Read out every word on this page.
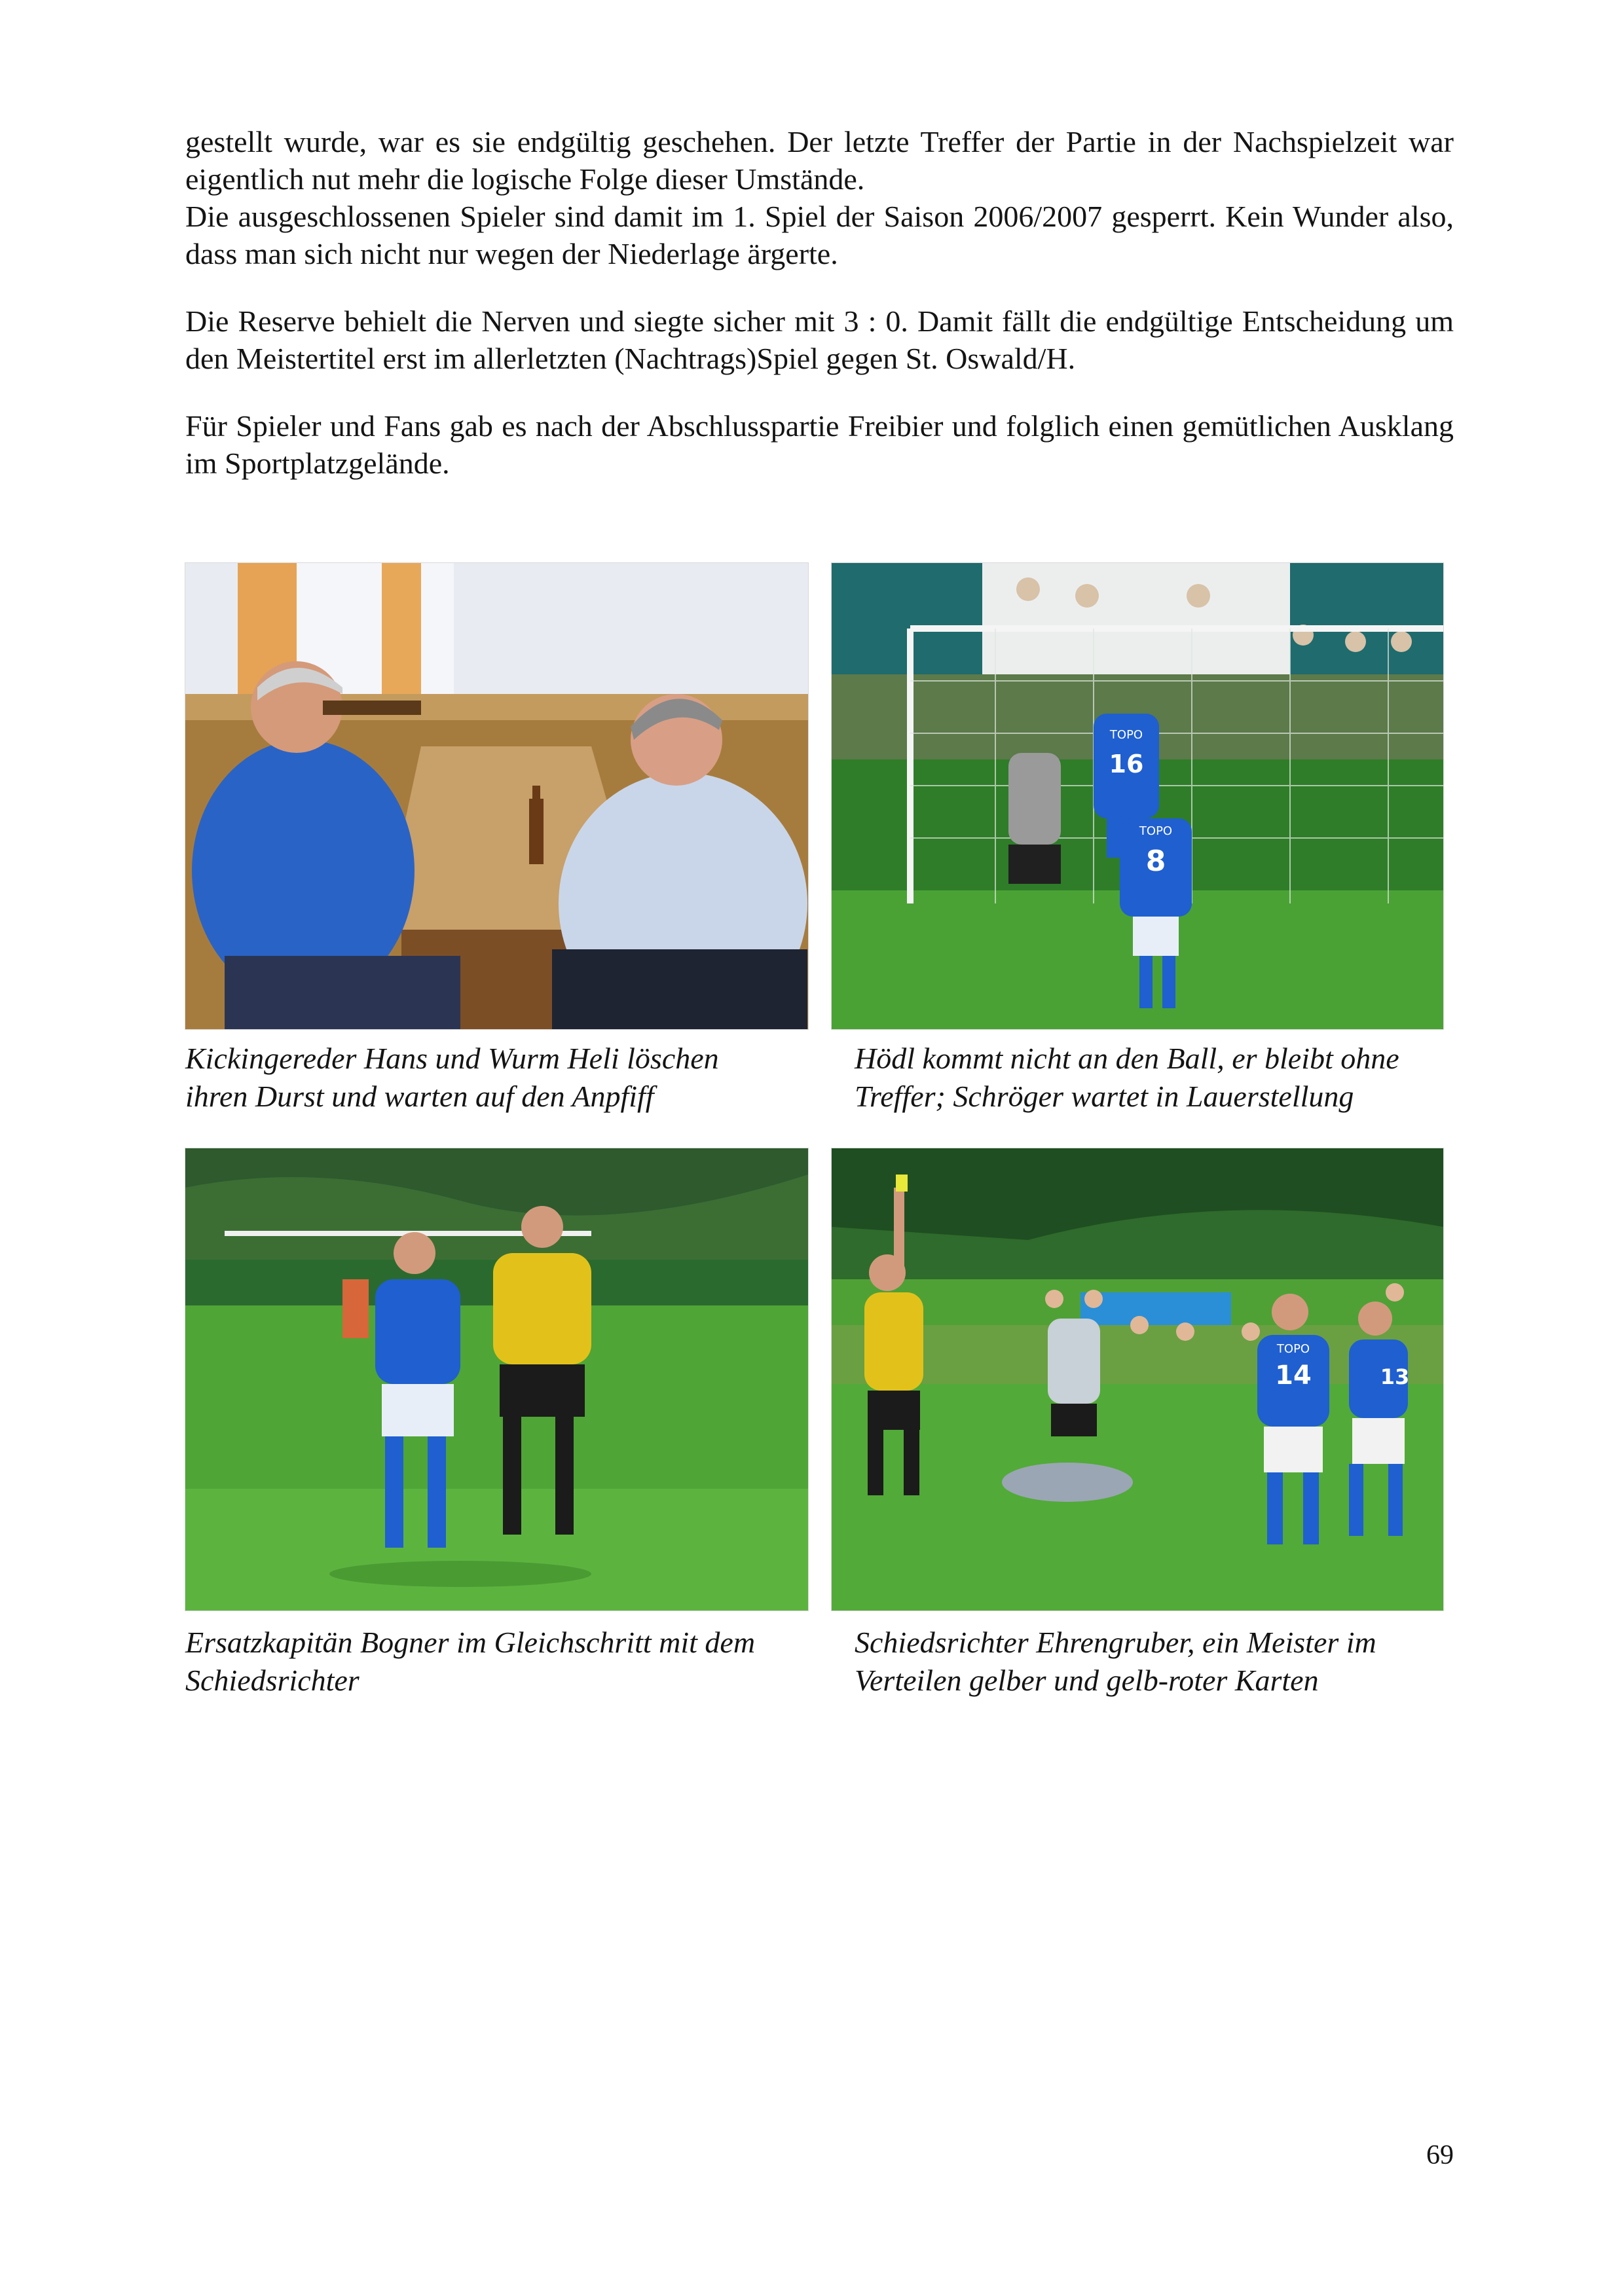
gestellt wurde, war es sie endgültig geschehen. Der letzte Treffer der Partie in der Nachspielzeit war eigentlich nut mehr die logische Folge dieser Umstände.

Die ausgeschlossenen Spieler sind damit im 1. Spiel der Saison 2006/2007 gesperrt. Kein Wunder also, dass man sich nicht nur wegen der Niederlage ärgerte.

Die Reserve behielt die Nerven und siegte sicher mit 3 : 0. Damit fällt die endgültige Entscheidung um den Meistertitel erst im allerletzten (Nachtrags)Spiel gegen St. Oswald/H.

Für Spieler und Fans gab es nach der Abschlusspartie Freibier und folglich einen gemütlichen Ausklang im Sportplatzgelände.

16
TOPO
8
TOPO
14
TOPO
13
Kickingereder Hans und Wurm Heli löschen
ihren Durst und warten auf den Anpfiff
Hödl kommt nicht an den Ball, er bleibt ohne
Treffer; Schröger wartet in Lauerstellung
Ersatzkapitän Bogner im Gleichschritt mit dem
Schiedsrichter
Schiedsrichter Ehrengruber, ein Meister im
Verteilen gelber und gelb-roter Karten
69
